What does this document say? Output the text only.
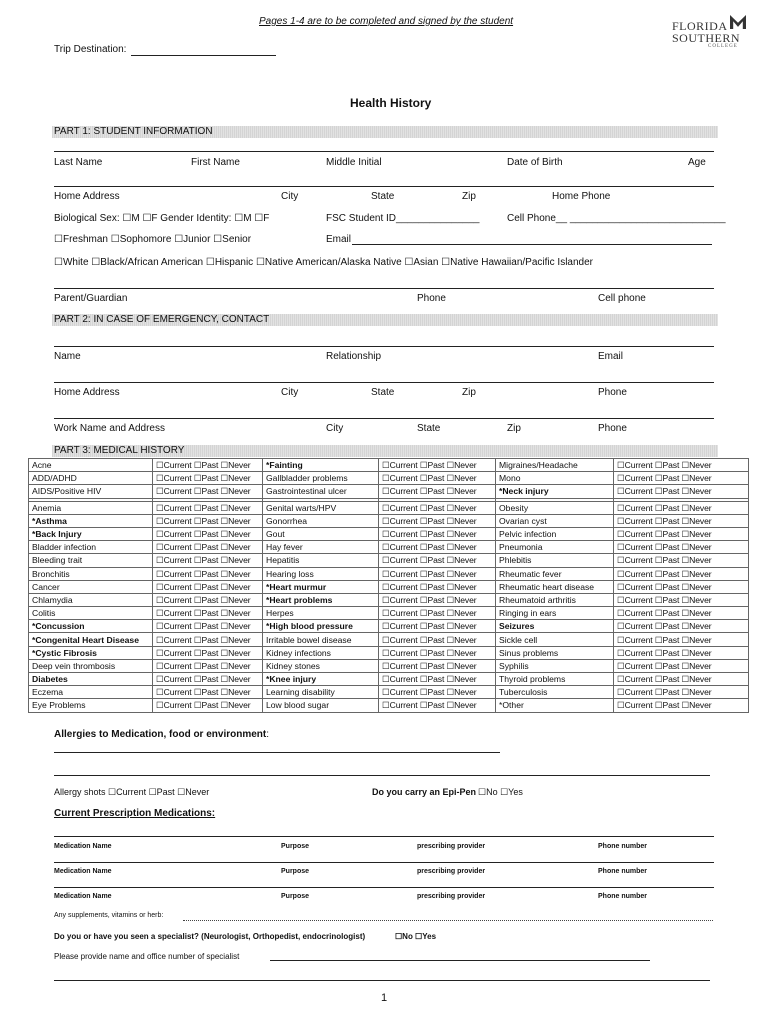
Pages 1-4 are to be completed and signed by the student
Trip Destination:
FLORIDA
SOUTHERN
COLLEGE
Health History
PART 1: STUDENT INFORMATION
Last Name	First Name	Middle Initial	Date of Birth	Age
Home Address	City	State	Zip	Home Phone
Biological Sex: ☐M ☐F Gender Identity: ☐M ☐F	FSC Student ID_______________	Cell Phone__ ____________________________
☐Freshman ☐Sophomore ☐Junior ☐Senior	Email
☐White ☐Black/African American ☐Hispanic ☐Native American/Alaska Native ☐Asian ☐Native Hawaiian/Pacific Islander
Parent/Guardian	Phone	Cell phone
PART 2: IN CASE OF EMERGENCY, CONTACT
Name	Relationship	Email
Home Address	City	State	Zip	Phone
Work Name and Address	City	State	Zip	Phone
PART 3: MEDICAL HISTORY
Acne	☐Current ☐Past ☐Never	*Fainting	☐Current ☐Past ☐Never	Migraines/Headache	☐Current ☐Past ☐Never
ADD/ADHD	☐Current ☐Past ☐Never	Gallbladder problems	☐Current ☐Past ☐Never	Mono	☐Current ☐Past ☐Never
AIDS/Positive HIV	☐Current ☐Past ☐Never	Gastrointestinal ulcer	☐Current ☐Past ☐Never	*Neck injury	☐Current ☐Past ☐Never

Anemia	☐Current ☐Past ☐Never	Genital warts/HPV	☐Current ☐Past ☐Never	Obesity	☐Current ☐Past ☐Never
*Asthma	☐Current ☐Past ☐Never	Gonorrhea	☐Current ☐Past ☐Never	Ovarian cyst	☐Current ☐Past ☐Never
*Back Injury	☐Current ☐Past ☐Never	Gout	☐Current ☐Past ☐Never	Pelvic infection	☐Current ☐Past ☐Never
Bladder infection	☐Current ☐Past ☐Never	Hay fever	☐Current ☐Past ☐Never	Pneumonia	☐Current ☐Past ☐Never
Bleeding trait	☐Current ☐Past ☐Never	Hepatitis	☐Current ☐Past ☐Never	Phlebitis	☐Current ☐Past ☐Never
Bronchitis	☐Current ☐Past ☐Never	Hearing loss	☐Current ☐Past ☐Never	Rheumatic fever	☐Current ☐Past ☐Never
Cancer	☐Current ☐Past ☐Never	*Heart murmur	☐Current ☐Past ☐Never	Rheumatic heart disease	☐Current ☐Past ☐Never
Chlamydia	☐Current ☐Past ☐Never	*Heart problems	☐Current ☐Past ☐Never	Rheumatoid arthritis	☐Current ☐Past ☐Never
Colitis	☐Current ☐Past ☐Never	Herpes	☐Current ☐Past ☐Never	Ringing in ears	☐Current ☐Past ☐Never
*Concussion	☐Current ☐Past ☐Never	*High blood pressure	☐Current ☐Past ☐Never	Seizures	☐Current ☐Past ☐Never
*Congenital Heart Disease	☐Current ☐Past ☐Never	Irritable bowel disease	☐Current ☐Past ☐Never	Sickle cell	☐Current ☐Past ☐Never
*Cystic Fibrosis	☐Current ☐Past ☐Never	Kidney infections	☐Current ☐Past ☐Never	Sinus problems	☐Current ☐Past ☐Never
Deep vein thrombosis	☐Current ☐Past ☐Never	Kidney stones	☐Current ☐Past ☐Never	Syphilis	☐Current ☐Past ☐Never
Diabetes	☐Current ☐Past ☐Never	*Knee injury	☐Current ☐Past ☐Never	Thyroid problems	☐Current ☐Past ☐Never
Eczema	☐Current ☐Past ☐Never	Learning disability	☐Current ☐Past ☐Never	Tuberculosis	☐Current ☐Past ☐Never
Eye Problems	☐Current ☐Past ☐Never	Low blood sugar	☐Current ☐Past ☐Never	*Other	☐Current ☐Past ☐Never
Allergies to Medication, food or environment:
Allergy shots ☐Current ☐Past ☐Never	Do you carry an Epi-Pen ☐No ☐Yes
Current Prescription Medications:
Medication Name	Purpose	prescribing provider	Phone number
Medication Name	Purpose	prescribing provider	Phone number
Medication Name	Purpose	prescribing provider	Phone number
Any supplements, vitamins or herb:
Do you or have you seen a specialist? (Neurologist, Orthopedist, endocrinologist)	☐No ☐Yes
Please provide name and office number of specialist
1
